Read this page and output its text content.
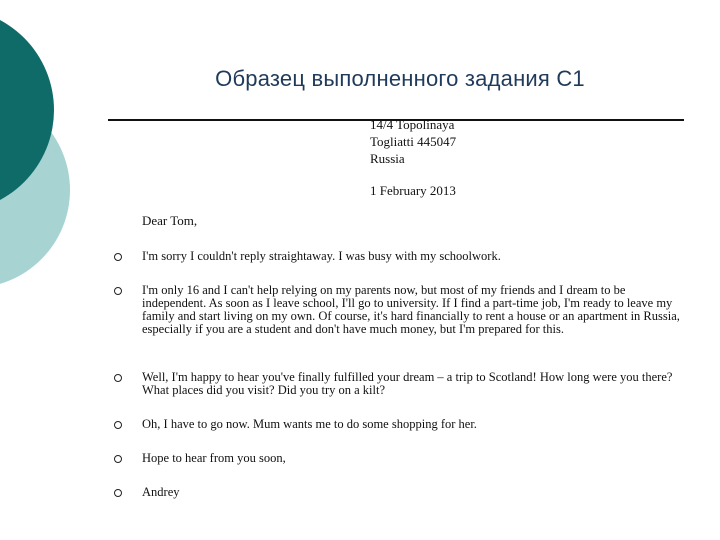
Образец выполненного задания С1
14/4 Topolinaya
Togliatti 445047
Russia
1 February 2013
Dear Tom,
I'm sorry I couldn't reply straightaway. I was busy with my schoolwork.
I'm only 16 and I can't help relying on my parents now, but most of my friends and I dream to be independent. As soon as I leave school, I'll go to university. If I find a part-time job, I'm ready to leave my family and start living on my own. Of course, it's hard financially to rent a house or an apartment in Russia, especially if you are a student and don't have much money, but I'm prepared for this.
Well, I'm happy to hear you've finally fulfilled your dream – a trip to Scotland! How long were you there? What places did you visit? Did you try on a kilt?
Oh, I have to go now. Mum wants me to do some shopping for her.
Hope to hear from you soon,
Andrey
